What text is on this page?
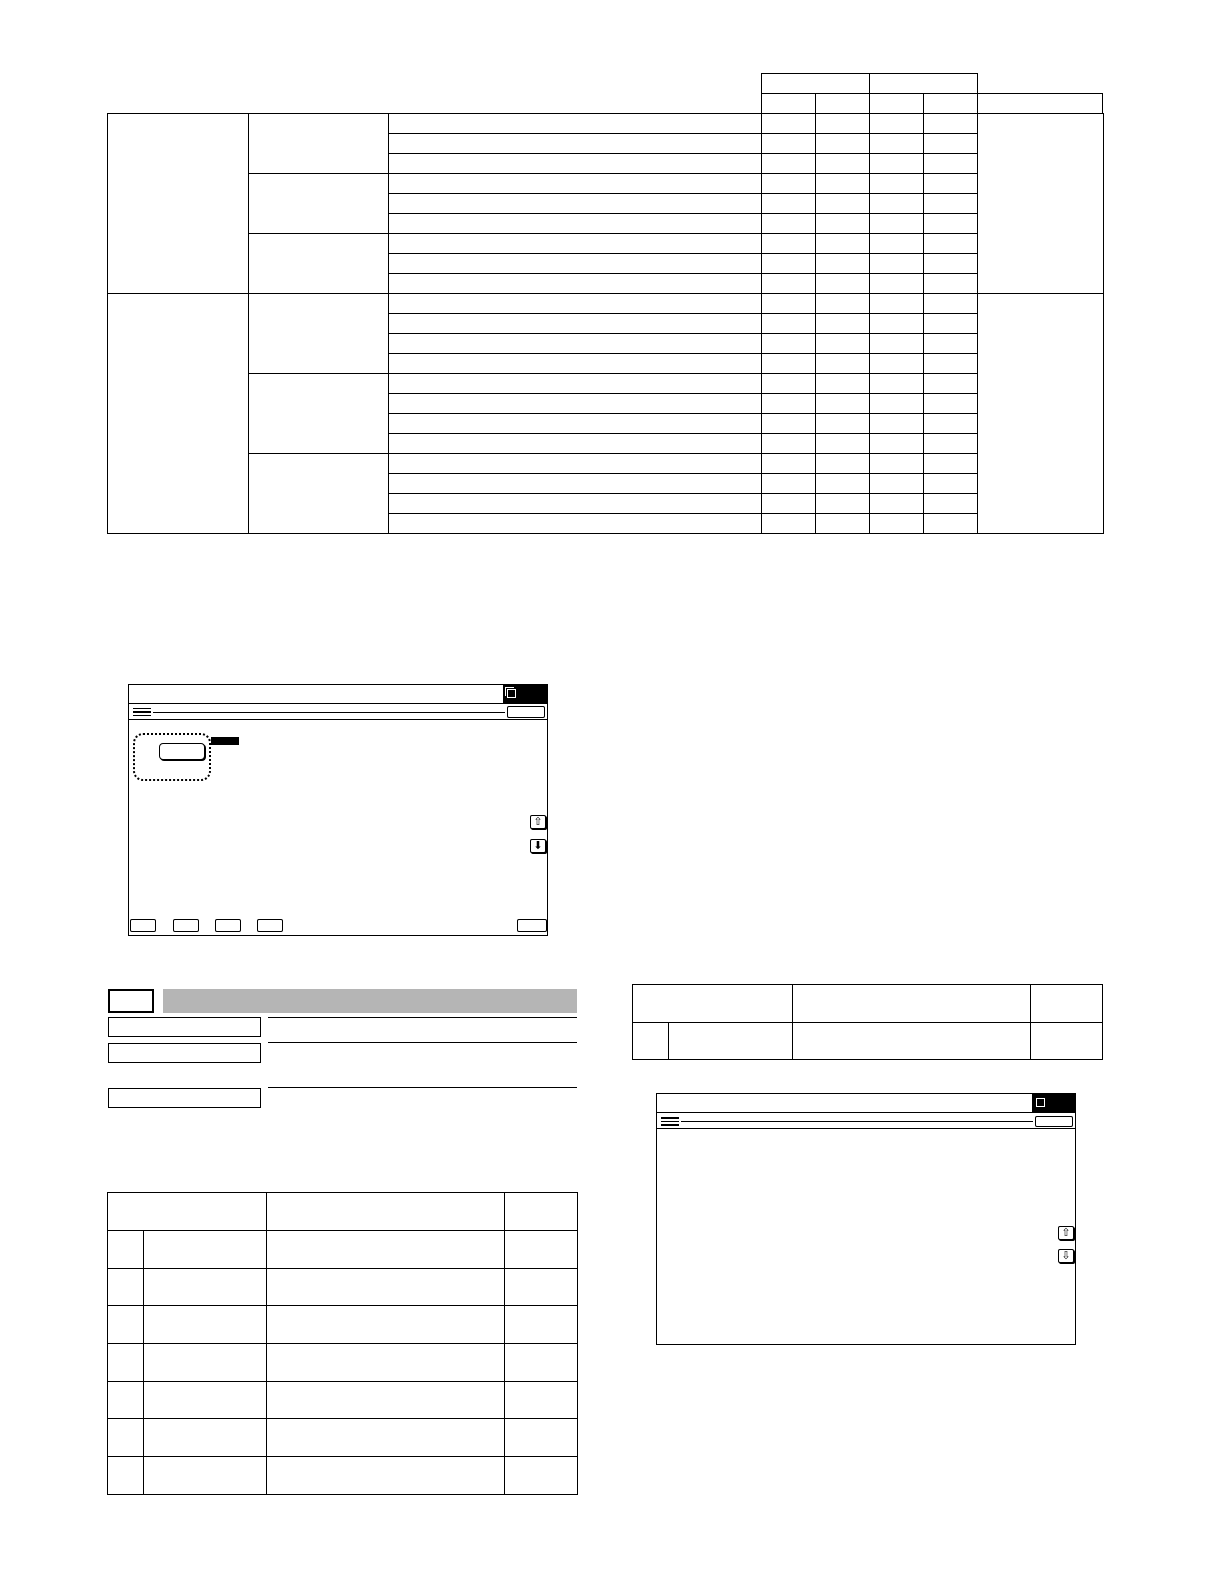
⇧
⬇

⇧
⇩
